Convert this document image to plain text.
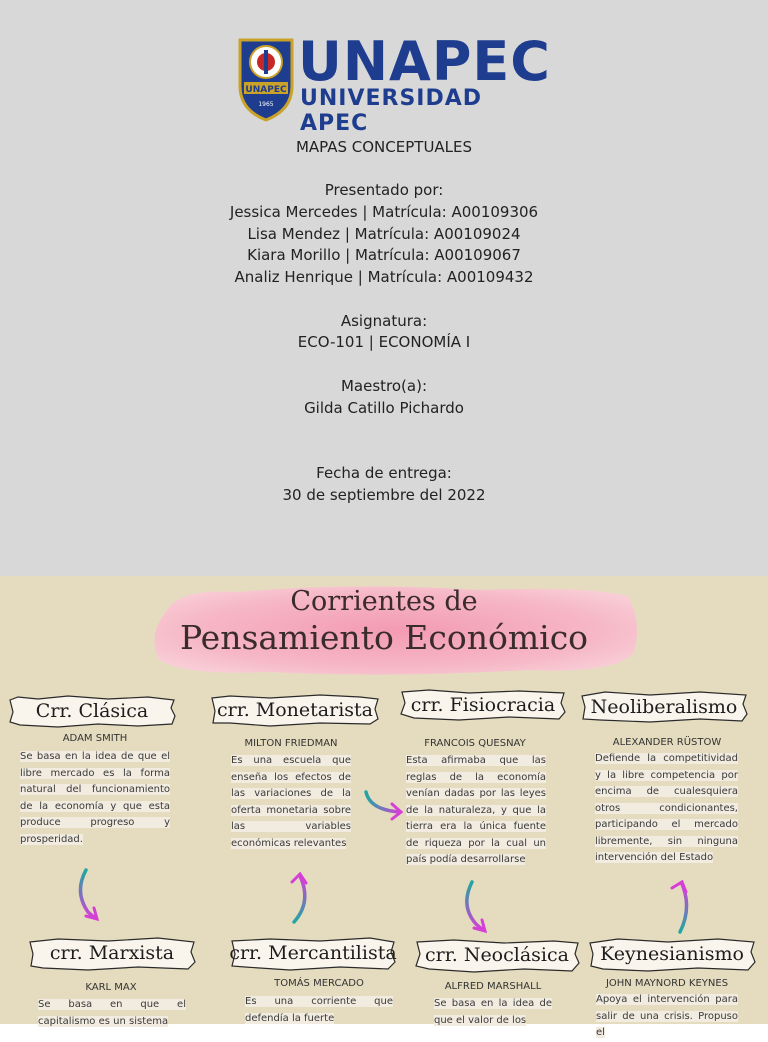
UNAPEC
1965
UNAPEC
UNIVERSIDAD APEC
MAPAS CONCEPTUALES
Presentado por:
Jessica Mercedes | Matrícula: A00109306
Lisa Mendez | Matrícula: A00109024
Kiara Morillo | Matrícula: A00109067
Analiz Henrique | Matrícula: A00109432
Asignatura:
ECO-101 | ECONOMÍA I
Maestro(a):
Gilda Catillo Pichardo
Fecha de entrega:
30 de septiembre del 2022
Corrientes de
Pensamiento Económico
Crr. Clásica	crr. Monetarista	crr. Fisiocracia	Neoliberalismo
ADAM SMITH	MILTON FRIEDMAN	FRANCOIS QUESNAY	ALEXANDER RÜSTOW
Se basa en la idea de que el libre mercado es la forma natural del funcionamiento de la economía y que esta produce progreso y prosperidad.
Es una escuela que enseña los efectos de las variaciones de la oferta monetaria sobre las variables económicas relevantes
Esta afirmaba que las reglas de la economía venían dadas por las leyes de la naturaleza, y que la tierra era la única fuente de riqueza por la cual un país podía desarrollarse
Defiende la competitividad y la libre competencia por encima de cualesquiera otros condicionantes, participando el mercado libremente, sin ninguna intervención del Estado
crr. Marxista	crr. Mercantilista	crr. Neoclásica	Keynesianismo
KARL MAX	TOMÁS MERCADO	ALFRED MARSHALL	JOHN MAYNORD KEYNES
Se basa en que el capitalismo es un sistema
Es una corriente que defendía la fuerte
Se basa en la idea de que el valor de los
Apoya el intervención para salir de una crisis. Propuso el
